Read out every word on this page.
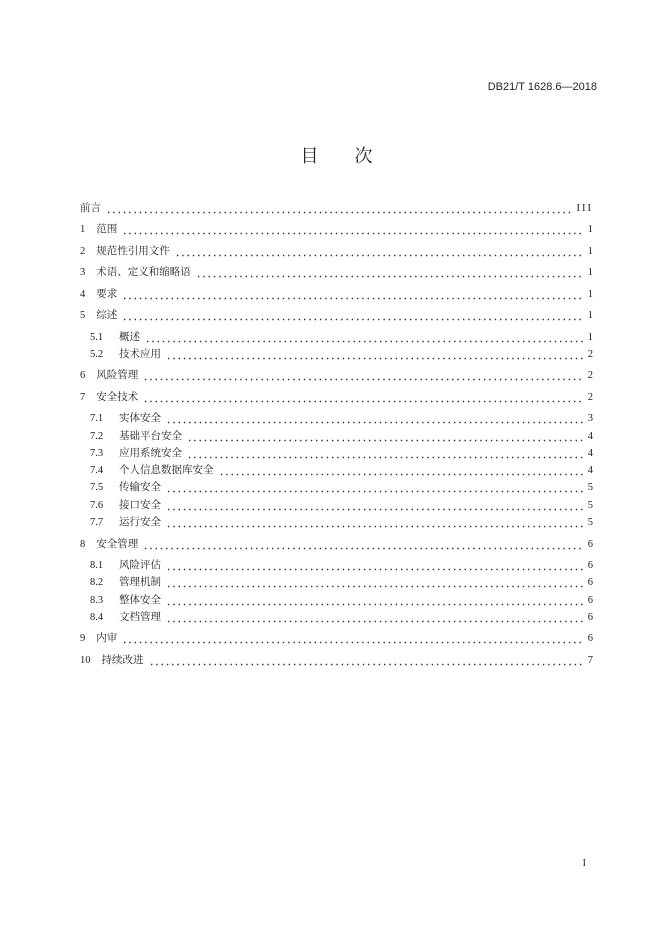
DB21/T 1628.6—2018
目　　次
前言	III
1 范围	1
2 规范性引用文件	1
3 术语、定义和缩略语	1
4 要求	1
5 综述	1
5.1	概述	1
5.2	技术应用	2
6 风险管理	2
7 安全技术	2
7.1	实体安全	3
7.2	基础平台安全	4
7.3	应用系统安全	4
7.4	个人信息数据库安全	4
7.5	传输安全	5
7.6	接口安全	5
7.7	运行安全	5
8 安全管理	6
8.1	风险评估	6
8.2	管理机制	6
8.3	整体安全	6
8.4	文档管理	6
9 内审	6
10 持续改进	7
I
